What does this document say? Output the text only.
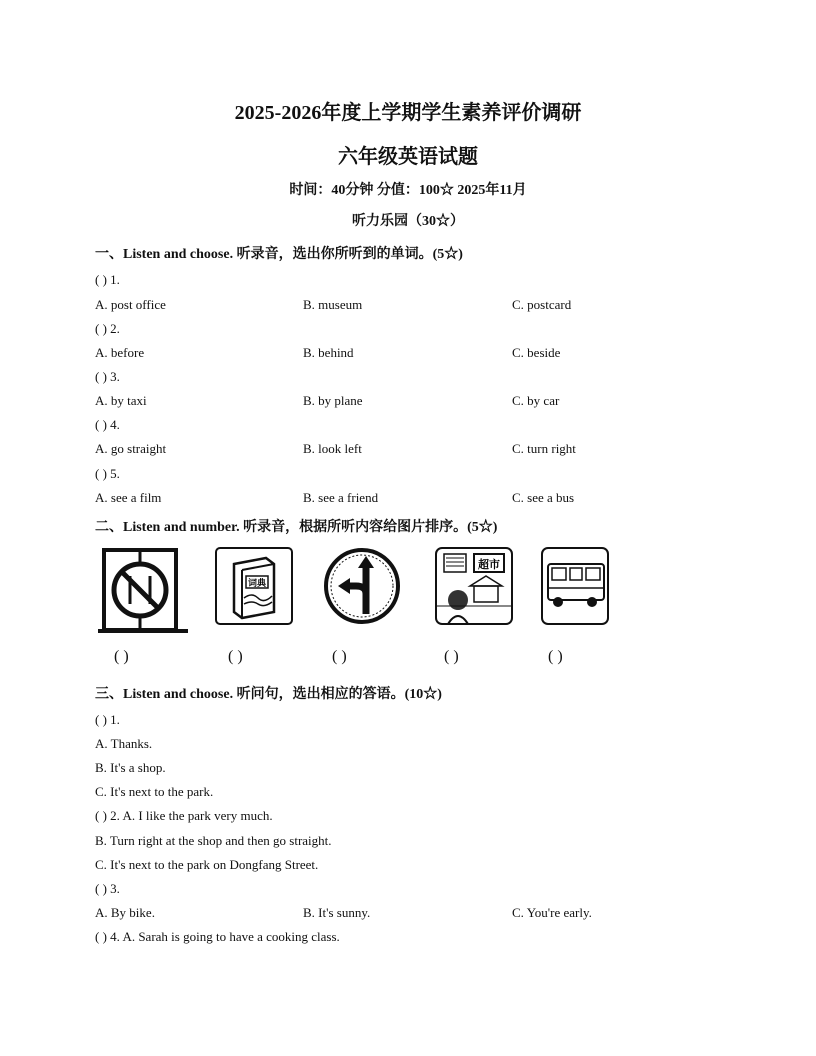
2025-2026年度上学期学生素养评价调研
六年级英语试题
时间：40分钟 分值：100☆ 2025年11月
听力乐园（30☆）
一、Listen and choose. 听录音，选出你所听到的单词。(5☆)
( ) 1.
A. post office	B. museum	C. postcard
( ) 2.
A. before	B. behind	C. beside
( ) 3.
A. by taxi	B. by plane	C. by car
( ) 4.
A. go straight	B. look left	C. turn right
( ) 5.
A. see a film	B. see a friend	C. see a bus
二、Listen and number. 听录音，根据所听内容给图片排序。(5☆)
词典
超市
( )	( )	( )	( )	( )
三、Listen and choose. 听问句，选出相应的答语。(10☆)
( ) 1.
A. Thanks.
B. It's a shop.
C. It's next to the park.
( ) 2. A. I like the park very much.
B. Turn right at the shop and then go straight.
C. It's next to the park on Dongfang Street.
( ) 3.
A. By bike.	B. It's sunny.	C. You're early.
( ) 4. A. Sarah is going to have a cooking class.
